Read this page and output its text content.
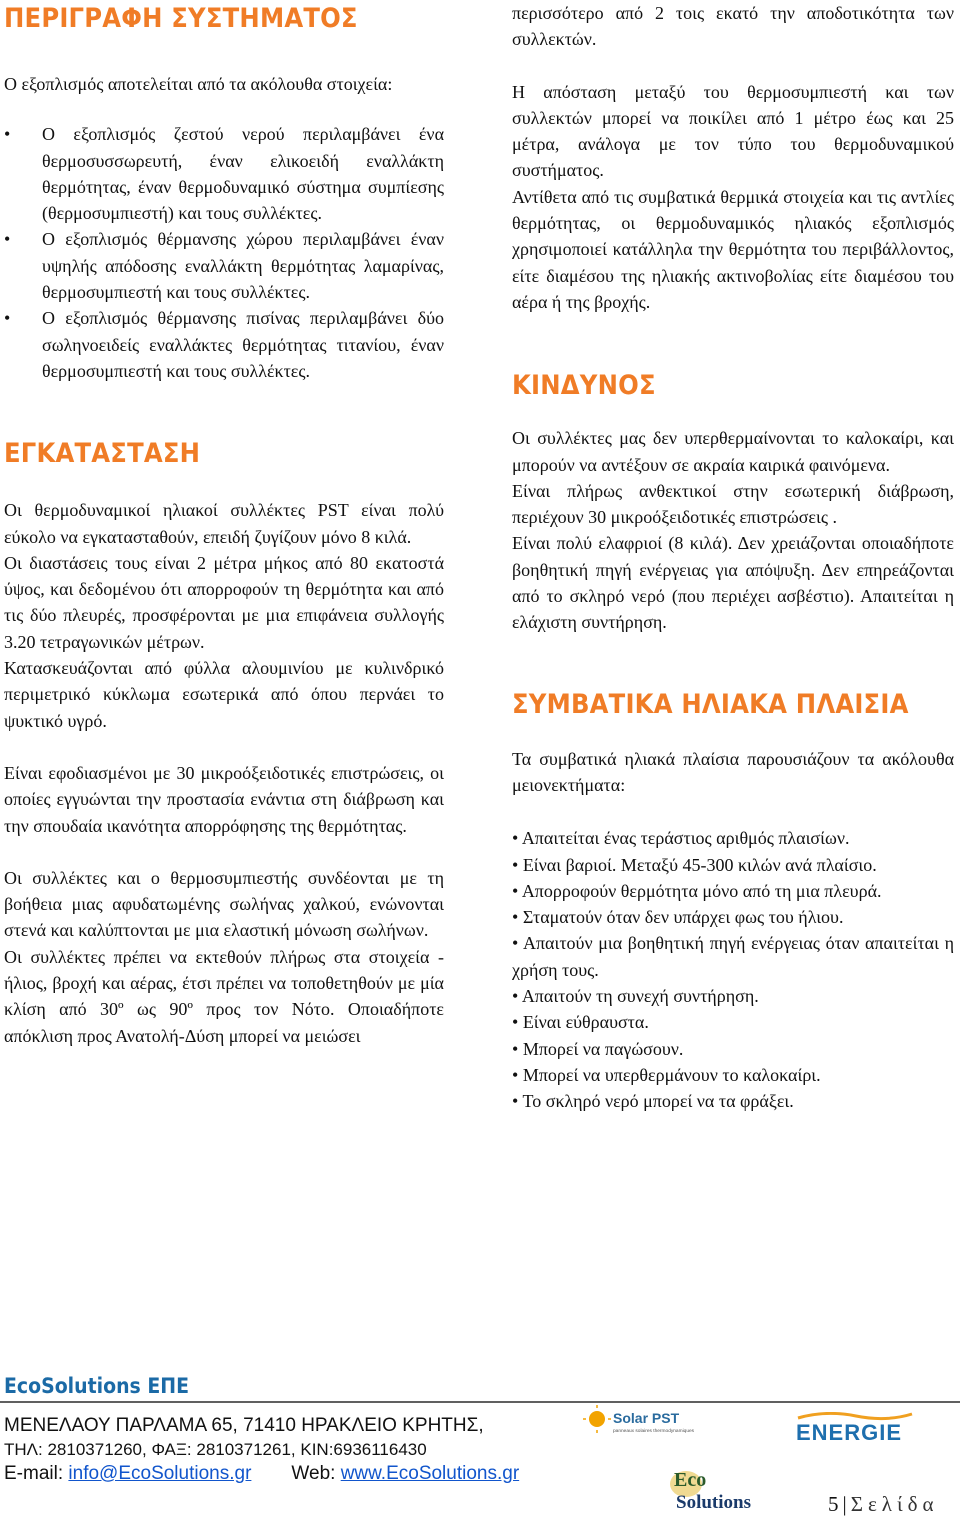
ΠΕΡΙΓΡΑΦΗ ΣΥΣΤΗΜΑΤΟΣ

Ο εξοπλισμός αποτελείται από τα ακόλουθα στοιχεία:

• Ο εξοπλισμός ζεστού νερού περιλαμβάνει ένα θερμοσυσσωρευτή, έναν ελικοειδή εναλλάκτη θερμότητας, έναν θερμοδυναμικό σύστημα συμπίεσης (θερμοσυμπιεστή) και τους συλλέκτες.
• Ο εξοπλισμός θέρμανσης χώρου περιλαμβάνει έναν υψηλής απόδοσης εναλλάκτη θερμότητας λαμαρίνας, θερμοσυμπιεστή και τους συλλέκτες.
• Ο εξοπλισμός θέρμανσης πισίνας περιλαμβάνει δύο σωληνοειδείς εναλλάκτες θερμότητας τιτανίου, έναν θερμοσυμπιεστή και τους συλλέκτες.
ΕΓΚΑΤΑΣΤΑΣΗ

Οι θερμοδυναμικοί ηλιακοί συλλέκτες PST είναι πολύ εύκολο να εγκατασταθούν, επειδή ζυγίζουν μόνο 8 κιλά.

Οι διαστάσεις τους είναι 2 μέτρα μήκος από 80 εκατοστά ύψος, και δεδομένου ότι απορροφούν τη θερμότητα και από τις δύο πλευρές, προσφέρονται με μια επιφάνεια συλλογής 3.20 τετραγωνικών μέτρων.

Κατασκευάζονται από φύλλα αλουμινίου με κυλινδρικό περιμετρικό κύκλωμα εσωτερικά από όπου περνάει το ψυκτικό υγρό.

Είναι εφοδιασμένοι με 30 μικροόξειδοτικές επιστρώσεις, οι οποίες εγγυώνται την προστασία ενάντια στη διάβρωση και την σπουδαία ικανότητα απορρόφησης της θερμότητας.

Οι συλλέκτες και ο θερμοσυμπιεστής συνδέονται με τη βοήθεια μιας αφυδατωμένης σωλήνας χαλκού, ενώνονται στενά και καλύπτονται με μια ελαστική μόνωση σωλήνων.

Οι συλλέκτες πρέπει να εκτεθούν πλήρως στα στοιχεία - ήλιος, βροχή και αέρας, έτσι πρέπει να τοποθετηθούν με μία κλίση από 30º ως 90º προς τον Νότο. Οποιαδήποτε απόκλιση προς Ανατολή-Δύση μπορεί να μειώσει

περισσότερο από 2 τοις εκατό την αποδοτικότητα των συλλεκτών.

Η απόσταση μεταξύ του θερμοσυμπιεστή και των συλλεκτών μπορεί να ποικίλει από 1 μέτρο έως και 25 μέτρα, ανάλογα με τον τύπο του θερμοδυναμικού συστήματος.

Αντίθετα από τις συμβατικά θερμικά στοιχεία και τις αντλίες θερμότητας, οι θερμοδυναμικός ηλιακός εξοπλισμός χρησιμοποιεί κατάλληλα την θερμότητα του περιβάλλοντος, είτε διαμέσου της ηλιακής ακτινοβολίας είτε διαμέσου του αέρα ή της βροχής.

ΚΙΝΔΥΝΟΣ

Οι συλλέκτες μας δεν υπερθερμαίνονται το καλοκαίρι, και μπορούν να αντέξουν σε ακραία καιρικά φαινόμενα.

Είναι πλήρως ανθεκτικοί στην εσωτερική διάβρωση, περιέχουν 30 μικροόξειδοτικές επιστρώσεις .

Είναι πολύ ελαφριοί (8 κιλά). Δεν χρειάζονται οποιαδήποτε βοηθητική πηγή ενέργειας για απόψυξη. Δεν επηρεάζονται από το σκληρό νερό (που περιέχει ασβέστιο). Απαιτείται η ελάχιστη συντήρηση.

ΣΥΜΒΑΤΙΚΑ ΗΛΙΑΚΑ ΠΛΑΙΣΙΑ

Τα συμβατικά ηλιακά πλαίσια παρουσιάζουν τα ακόλουθα μειονεκτήματα:

• Απαιτείται ένας τεράστιος αριθμός πλαισίων.
• Είναι βαριοί. Μεταξύ 45-300 κιλών ανά πλαίσιο.
• Απορροφούν θερμότητα μόνο από τη μια πλευρά.
• Σταματούν όταν δεν υπάρχει φως του ήλιου.
• Απαιτούν μια βοηθητική πηγή ενέργειας όταν απαιτείται η χρήση τους.
• Απαιτούν τη συνεχή συντήρηση.
• Είναι εύθραυστα.
• Μπορεί να παγώσουν.
• Μπορεί να υπερθερμάνουν το καλοκαίρι.
• Το σκληρό νερό μπορεί να τα φράξει.
EcoSolutions ΕΠΕ
ΜΕΝΕΛΑΟΥ ΠΑΡΛΑΜΑ 65, 71410 ΗΡΑΚΛΕΙΟ ΚΡΗΤΗΣ,
ΤΗΛ: 2810371260, ΦΑΞ: 2810371261, ΚΙΝ:6936116430
E-mail: info@EcoSolutions.gr Web: www.EcoSolutions.gr
Solar PST
panneaux solaires thermodynamiques	ENERGIE
Eco
Solutions	5 | Σελίδα
